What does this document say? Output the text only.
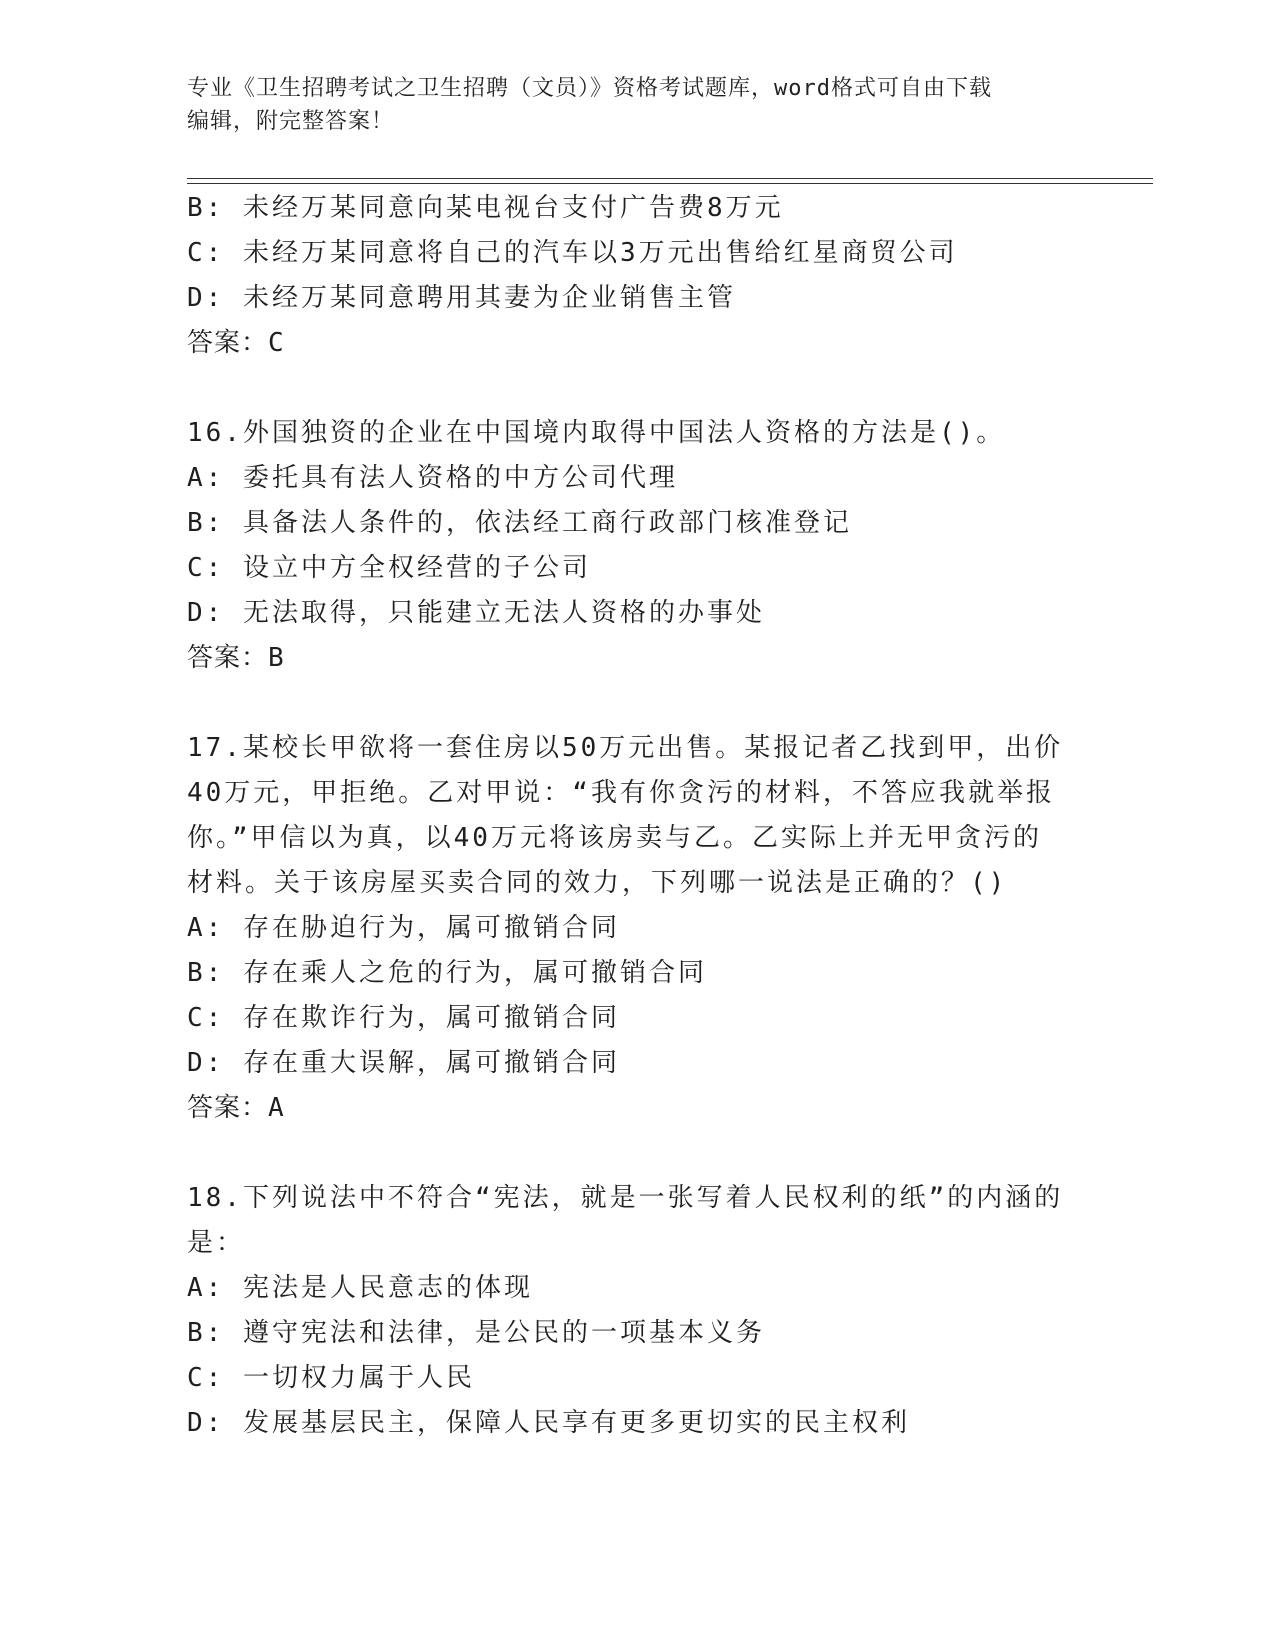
专业《卫生招聘考试之卫生招聘（文员）》资格考试题库，word格式可自由下载
编辑，附完整答案！
B: 未经万某同意向某电视台支付广告费8万元
C: 未经万某同意将自己的汽车以3万元出售给红星商贸公司
D: 未经万某同意聘用其妻为企业销售主管
答案：C
16.外国独资的企业在中国境内取得中国法人资格的方法是()。
A: 委托具有法人资格的中方公司代理
B: 具备法人条件的，依法经工商行政部门核准登记
C: 设立中方全权经营的子公司
D: 无法取得，只能建立无法人资格的办事处
答案：B
17.某校长甲欲将一套住房以50万元出售。某报记者乙找到甲，出价
40万元，甲拒绝。乙对甲说：“我有你贪污的材料，不答应我就举报
你。”甲信以为真，以40万元将该房卖与乙。乙实际上并无甲贪污的
材料。关于该房屋买卖合同的效力，下列哪一说法是正确的？()
A: 存在胁迫行为，属可撤销合同
B: 存在乘人之危的行为，属可撤销合同
C: 存在欺诈行为，属可撤销合同
D: 存在重大误解，属可撤销合同
答案：A
18.下列说法中不符合“宪法，就是一张写着人民权利的纸”的内涵的
是：
A: 宪法是人民意志的体现
B: 遵守宪法和法律，是公民的一项基本义务
C: 一切权力属于人民
D: 发展基层民主，保障人民享有更多更切实的民主权利
